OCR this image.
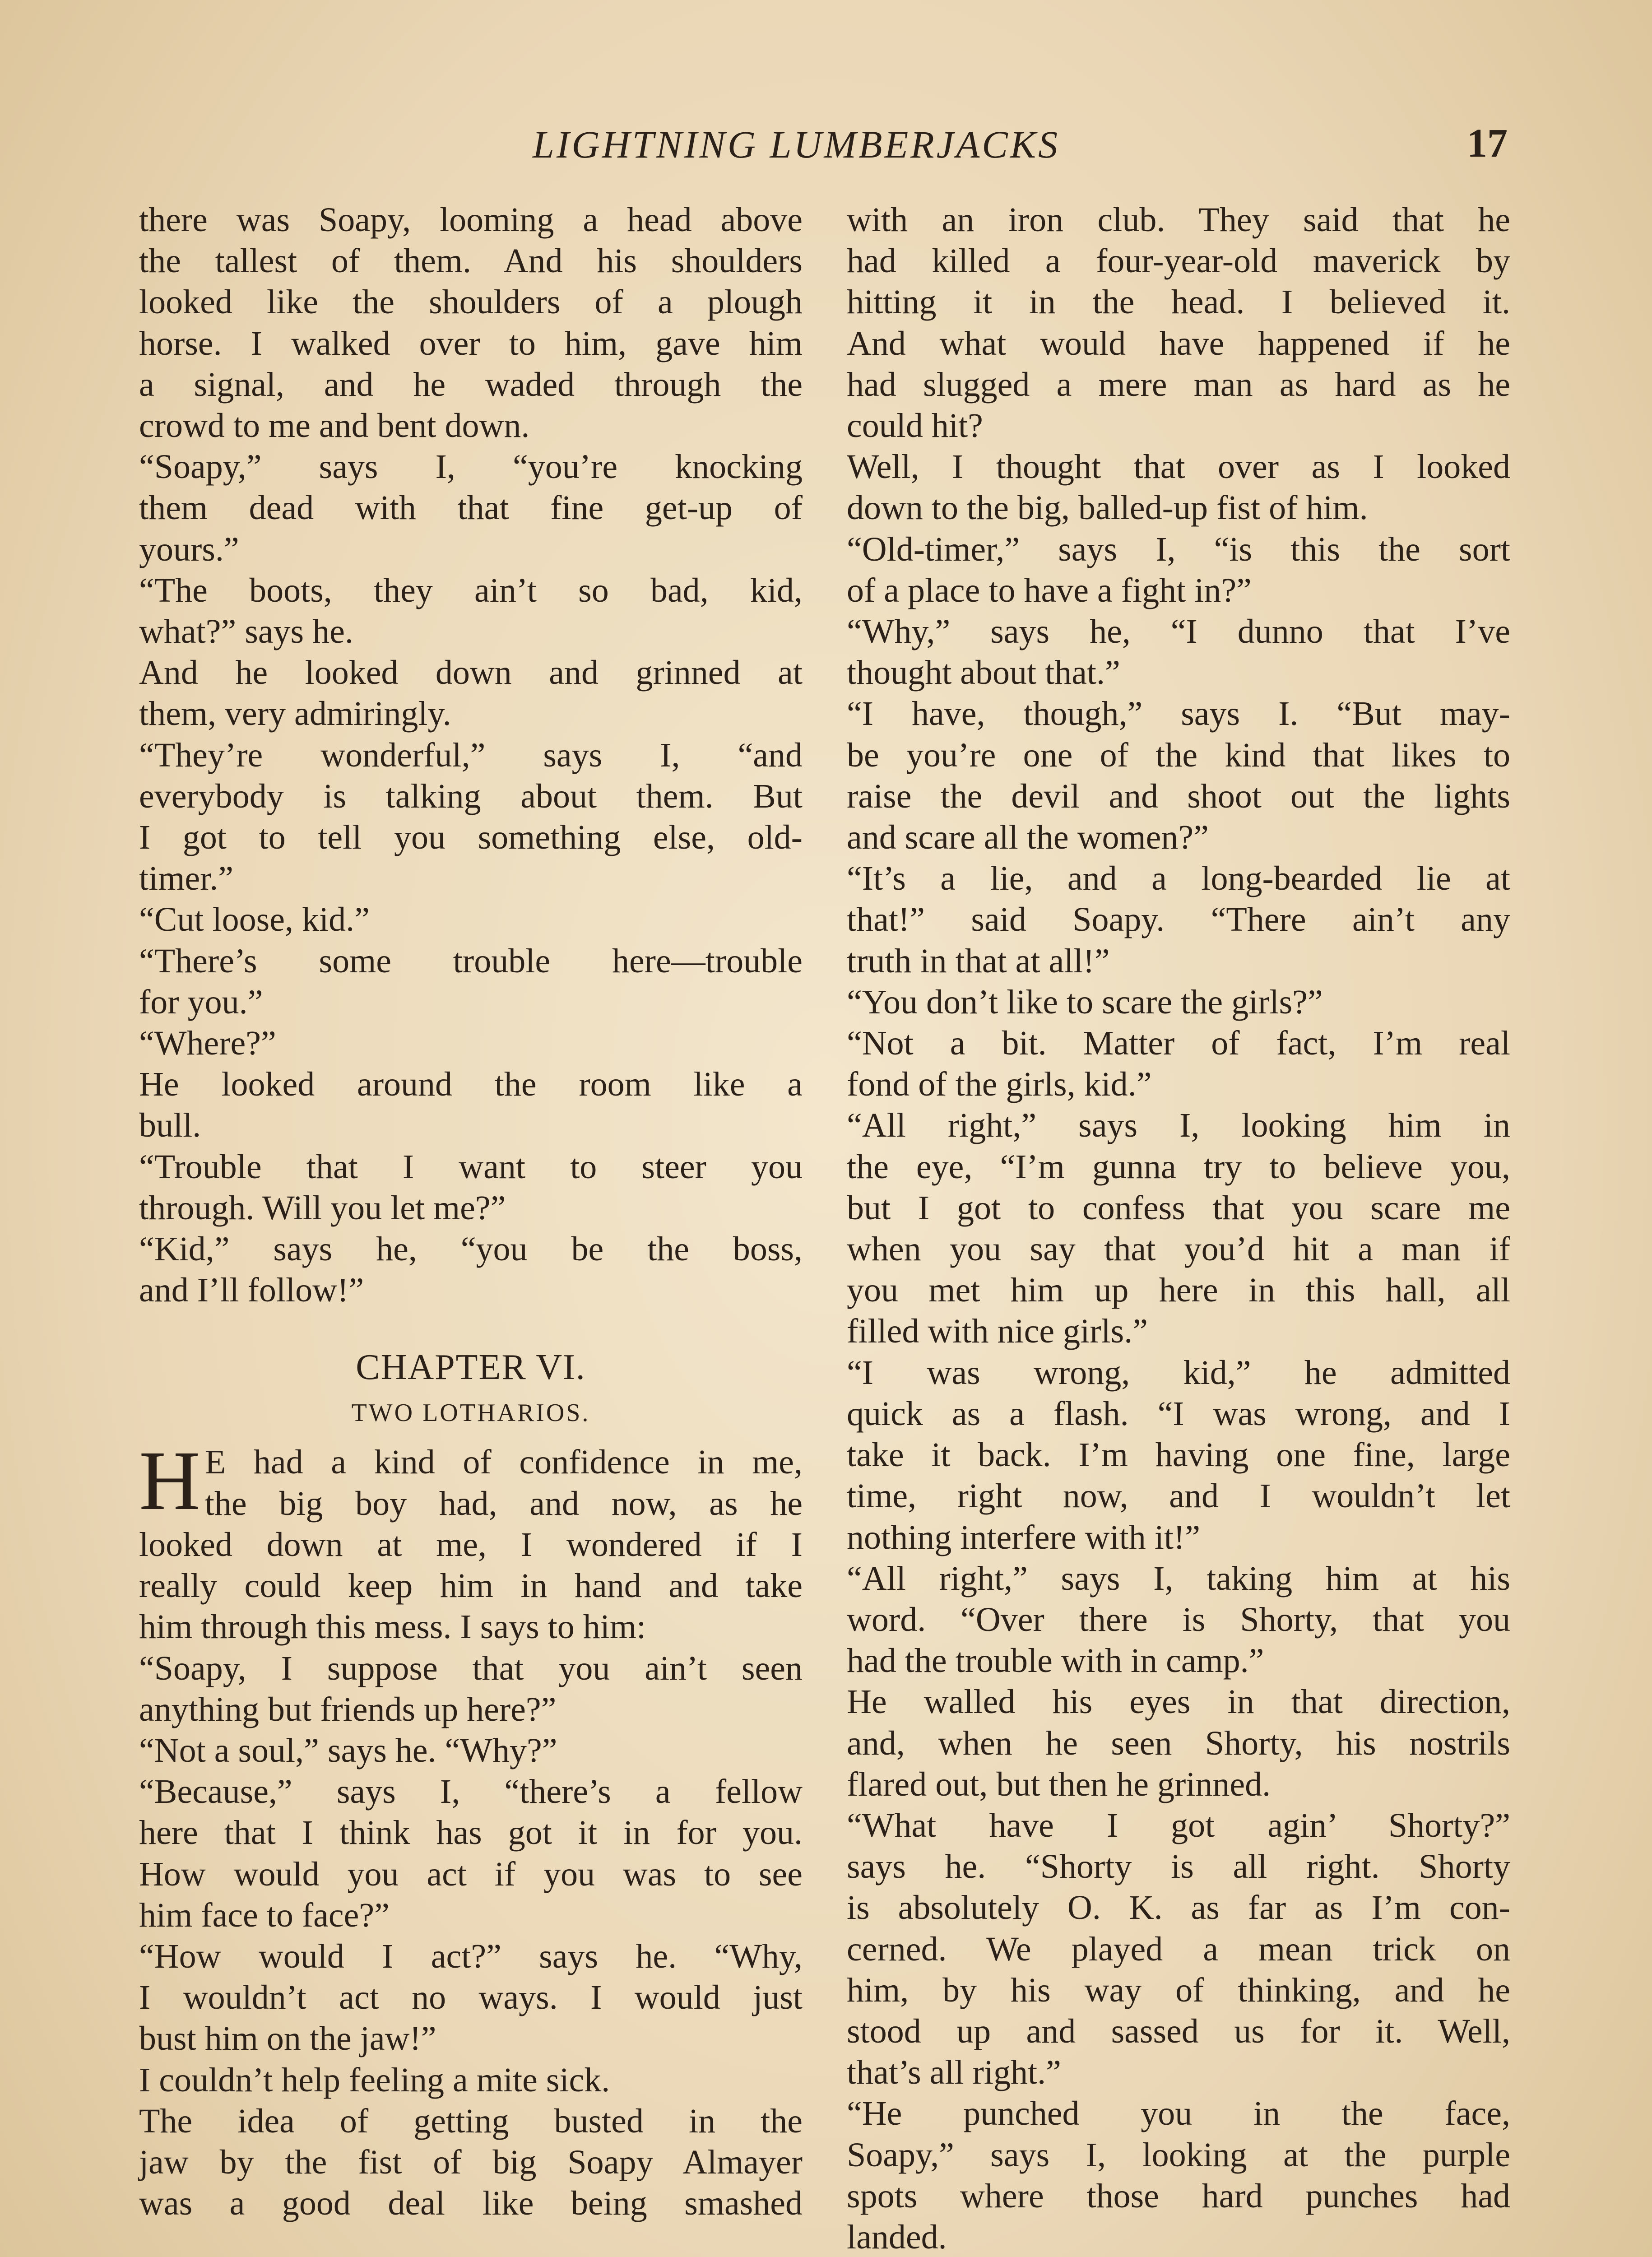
LIGHTNING LUMBERJACKS	17
there was Soapy, looming a head above
the tallest of them. And his shoulders
looked like the shoulders of a plough
horse. I walked over to him, gave him
a signal, and he waded through the
crowd to me and bent down.
“Soapy,” says I, “you’re knocking
them dead with that fine get-up of
yours.”
“The boots, they ain’t so bad, kid,
what?” says he.
And he looked down and grinned at
them, very admiringly.
“They’re wonderful,” says I, “and
everybody is talking about them. But
I got to tell you something else, old-
timer.”
“Cut loose, kid.”
“There’s some trouble here—trouble
for you.”
“Where?”
He looked around the room like a
bull.
“Trouble that I want to steer you
through. Will you let me?”
“Kid,” says he, “you be the boss,
and I’ll follow!”
CHAPTER VI.
TWO LOTHARIOS.
H E had a kind of confidence in me,
the big boy had, and now, as he
looked down at me, I wondered if I
really could keep him in hand and take
him through this mess. I says to him:
“Soapy, I suppose that you ain’t seen
anything but friends up here?”
“Not a soul,” says he. “Why?”
“Because,” says I, “there’s a fellow
here that I think has got it in for you.
How would you act if you was to see
him face to face?”
“How would I act?” says he. “Why,
I wouldn’t act no ways. I would just
bust him on the jaw!”
I couldn’t help feeling a mite sick.
The idea of getting busted in the
jaw by the fist of big Soapy Almayer
was a good deal like being smashed
with an iron club. They said that he
had killed a four-year-old maverick by
hitting it in the head. I believed it.
And what would have happened if he
had slugged a mere man as hard as he
could hit?
Well, I thought that over as I looked
down to the big, balled-up fist of him.
“Old-timer,” says I, “is this the sort
of a place to have a fight in?”
“Why,” says he, “I dunno that I’ve
thought about that.”
“I have, though,” says I. “But may-
be you’re one of the kind that likes to
raise the devil and shoot out the lights
and scare all the women?”
“It’s a lie, and a long-bearded lie at
that!” said Soapy. “There ain’t any
truth in that at all!”
“You don’t like to scare the girls?”
“Not a bit. Matter of fact, I’m real
fond of the girls, kid.”
“All right,” says I, looking him in
the eye, “I’m gunna try to believe you,
but I got to confess that you scare me
when you say that you’d hit a man if
you met him up here in this hall, all
filled with nice girls.”
“I was wrong, kid,” he admitted
quick as a flash. “I was wrong, and I
take it back. I’m having one fine, large
time, right now, and I wouldn’t let
nothing interfere with it!”
“All right,” says I, taking him at his
word. “Over there is Shorty, that you
had the trouble with in camp.”
He walled his eyes in that direction,
and, when he seen Shorty, his nostrils
flared out, but then he grinned.
“What have I got agin’ Shorty?”
says he. “Shorty is all right. Shorty
is absolutely O. K. as far as I’m con-
cerned. We played a mean trick on
him, by his way of thinking, and he
stood up and sassed us for it. Well,
that’s all right.”
“He punched you in the face,
Soapy,” says I, looking at the purple
spots where those hard punches had
landed.
